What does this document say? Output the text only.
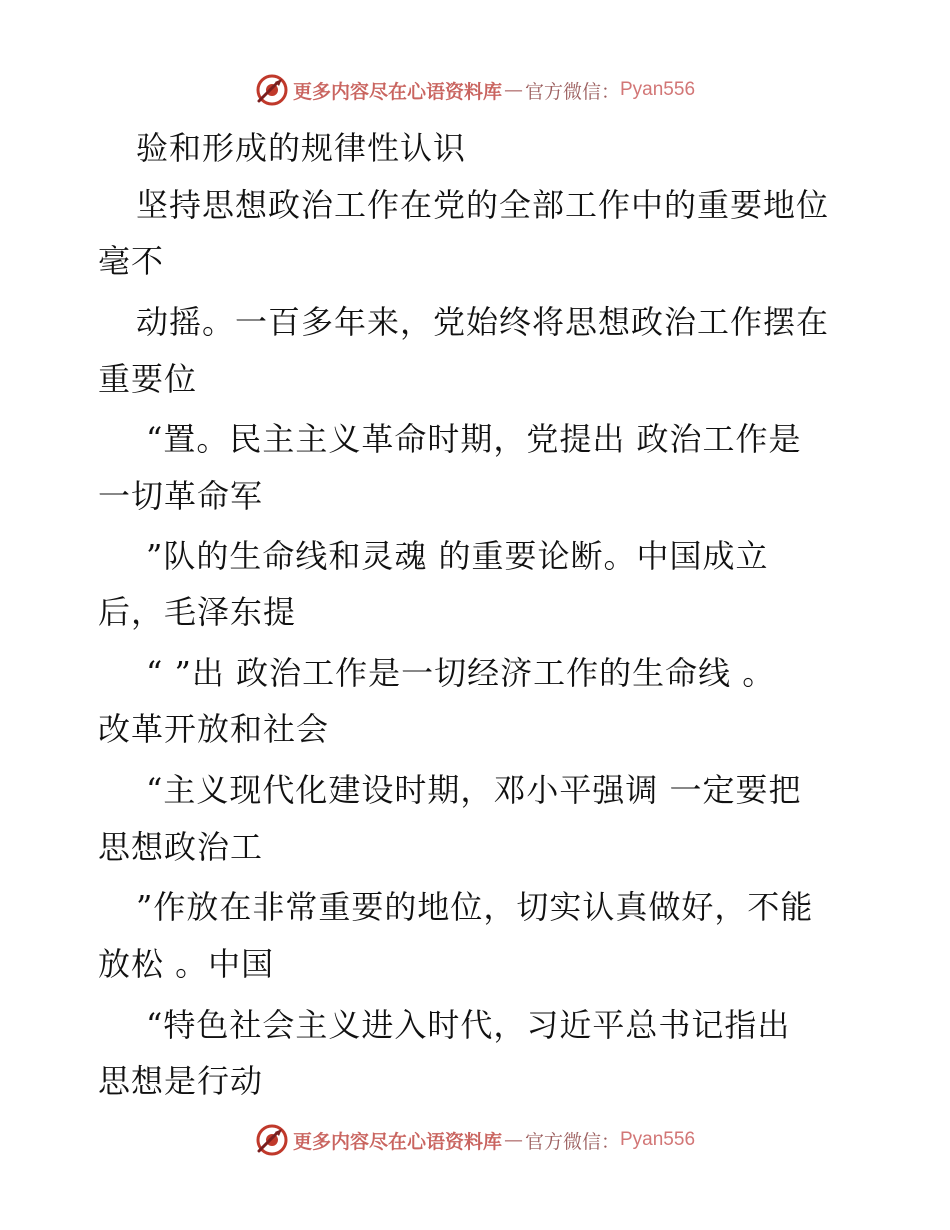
更多内容尽在心语资料库 — 官方微信： Pyan556
验和形成的规律性认识
坚持思想政治工作在党的全部工作中的重要地位
毫不
动摇。一百多年来，党始终将思想政治工作摆在
重要位
“置。民主主义革命时期，党提出 政治工作是
一切革命军
”队的生命线和灵魂 的重要论断。中国成立
后，毛泽东提
“ ”出 政治工作是一切经济工作的生命线 。
改革开放和社会
“主义现代化建设时期，邓小平强调 一定要把
思想政治工
”作放在非常重要的地位，切实认真做好，不能
放松 。中国
“特色社会主义进入时代，习近平总书记指出
思想是行动
更多内容尽在心语资料库 — 官方微信： Pyan556
